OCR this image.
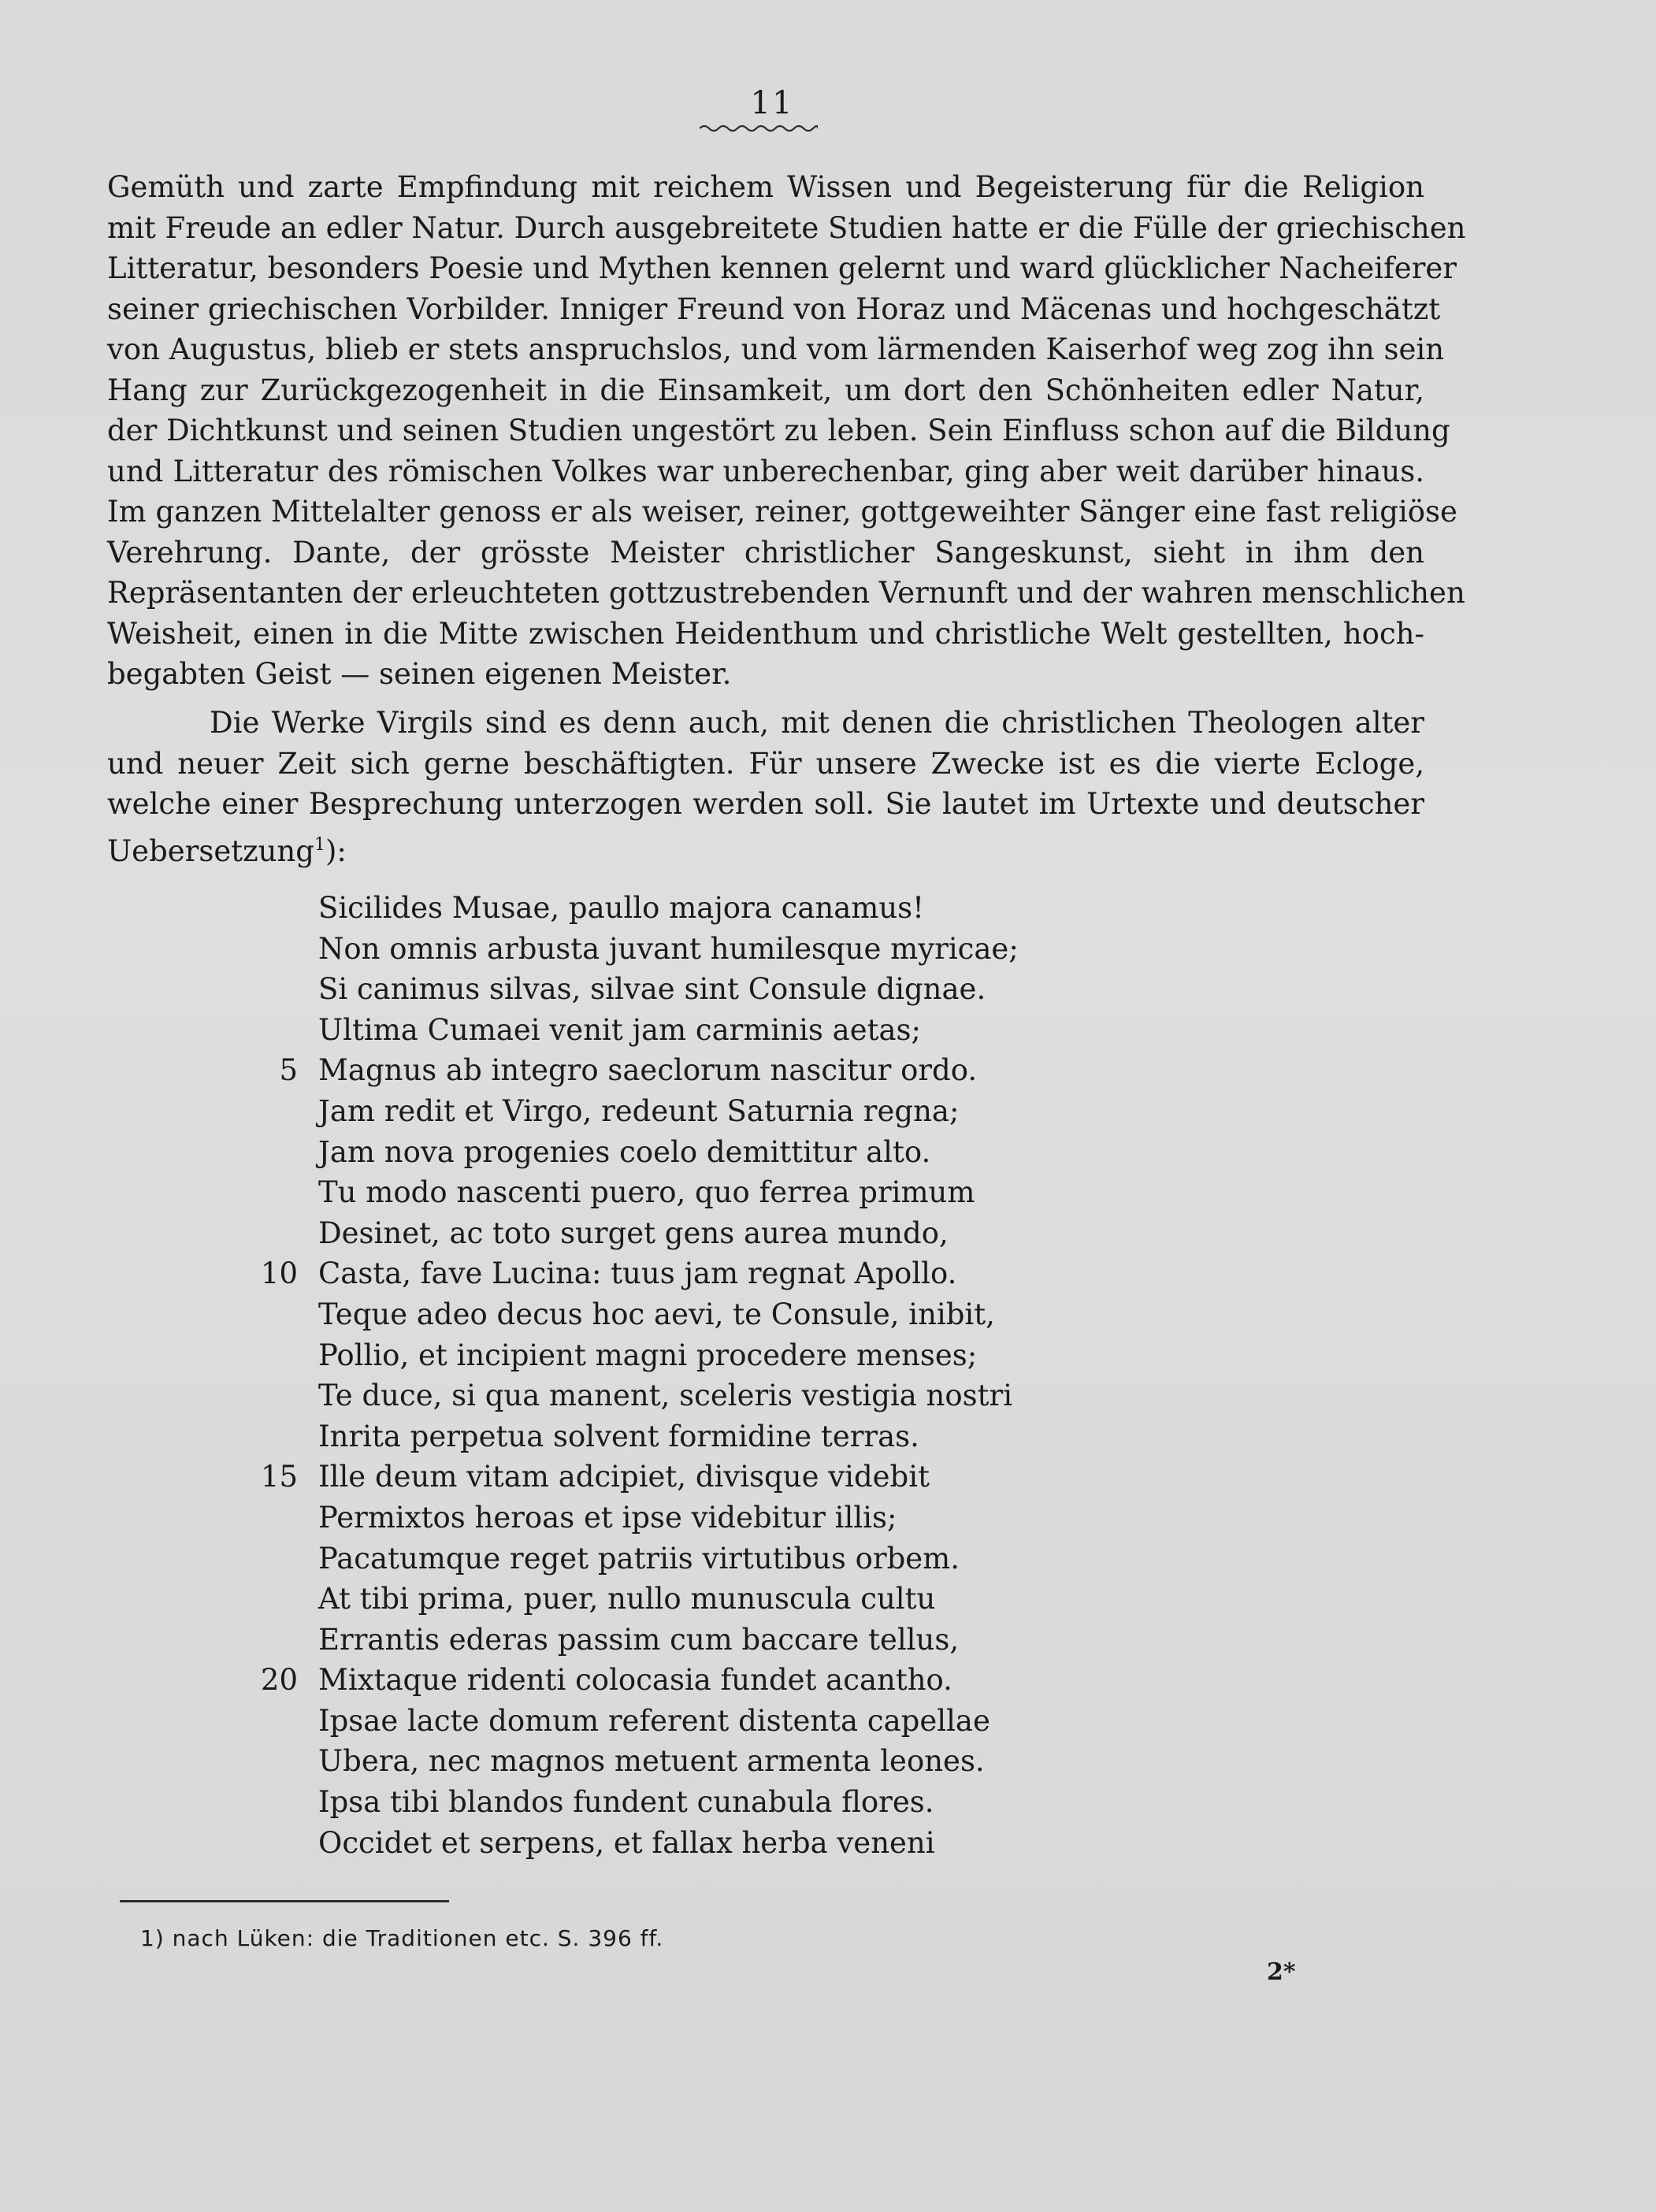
11
Gemüth und zarte Empfindung mit reichem Wissen und Begeisterung für die Religion
mit Freude an edler Natur. Durch ausgebreitete Studien hatte er die Fülle der griechischen
Litteratur, besonders Poesie und Mythen kennen gelernt und ward glücklicher Nacheiferer
seiner griechischen Vorbilder. Inniger Freund von Horaz und Mäcenas und hochgeschätzt
von Augustus, blieb er stets anspruchslos, und vom lärmenden Kaiserhof weg zog ihn sein
Hang zur Zurückgezogenheit in die Einsamkeit, um dort den Schönheiten edler Natur,
der Dichtkunst und seinen Studien ungestört zu leben. Sein Einfluss schon auf die Bildung
und Litteratur des römischen Volkes war unberechenbar, ging aber weit darüber hinaus.
Im ganzen Mittelalter genoss er als weiser, reiner, gottgeweihter Sänger eine fast religiöse
Verehrung. Dante, der grösste Meister christlicher Sangeskunst, sieht in ihm den
Repräsentanten der erleuchteten gottzustrebenden Vernunft und der wahren menschlichen
Weisheit, einen in die Mitte zwischen Heidenthum und christliche Welt gestellten, hoch-
begabten Geist — seinen eigenen Meister.
Die Werke Virgils sind es denn auch, mit denen die christlichen Theologen alter
und neuer Zeit sich gerne beschäftigten. Für unsere Zwecke ist es die vierte Ecloge,
welche einer Besprechung unterzogen werden soll. Sie lautet im Urtexte und deutscher
Uebersetzung$^1$):
Sicilides Musae, paullo majora canamus!
Non omnis arbusta juvant humilesque myricae;
Si canimus silvas, silvae sint Consule dignae.
Ultima Cumaei venit jam carminis aetas;
5 Magnus ab integro saeclorum nascitur ordo.
Jam redit et Virgo, redeunt Saturnia regna;
Jam nova progenies coelo demittitur alto.
Tu modo nascenti puero, quo ferrea primum
Desinet, ac toto surget gens aurea mundo,
10 Casta, fave Lucina: tuus jam regnat Apollo.
Teque adeo decus hoc aevi, te Consule, inibit,
Pollio, et incipient magni procedere menses;
Te duce, si qua manent, sceleris vestigia nostri
Inrita perpetua solvent formidine terras.
15 Ille deum vitam adcipiet, divisque videbit
Permixtos heroas et ipse videbitur illis;
Pacatumque reget patriis virtutibus orbem.
At tibi prima, puer, nullo munuscula cultu
Errantis ederas passim cum baccare tellus,
20 Mixtaque ridenti colocasia fundet acantho.
Ipsae lacte domum referent distenta capellae
Ubera, nec magnos metuent armenta leones.
Ipsa tibi blandos fundent cunabula flores.
Occidet et serpens, et fallax herba veneni
1) nach Lüken: die Traditionen etc. S. 396 ff.
2*
